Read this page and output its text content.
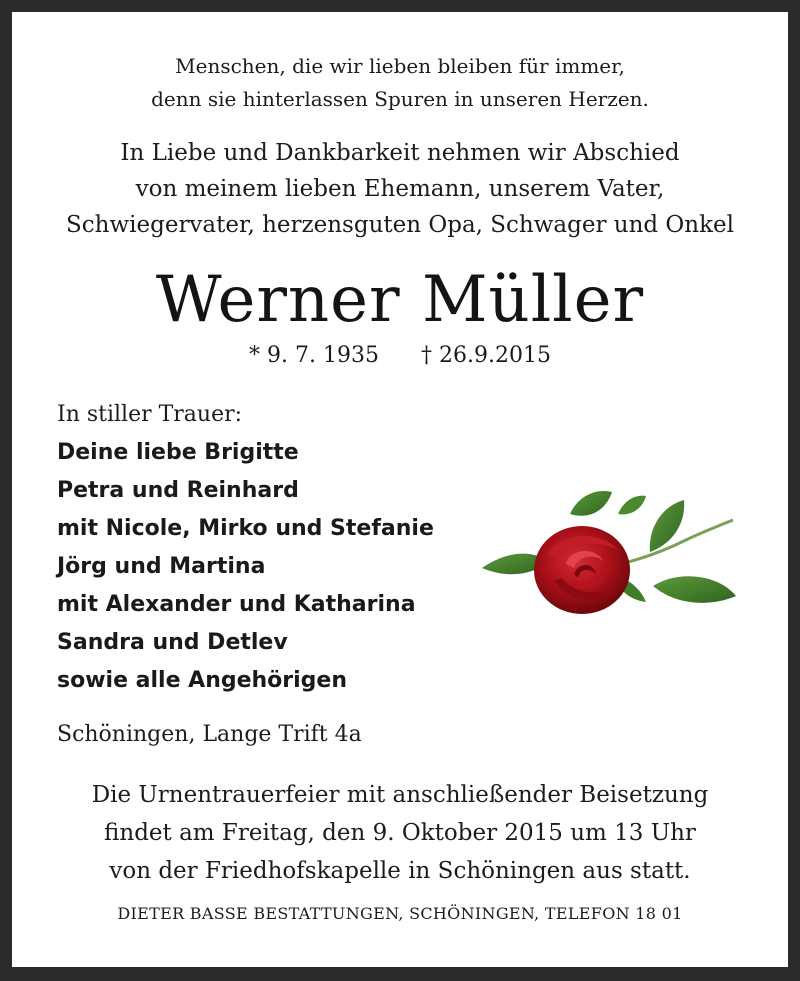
Menschen, die wir lieben bleiben für immer,
denn sie hinterlassen Spuren in unseren Herzen.
In Liebe und Dankbarkeit nehmen wir Abschied
von meinem lieben Ehemann, unserem Vater,
Schwiegervater, herzensguten Opa, Schwager und Onkel
Werner Müller
* 9. 7. 1935 † 26.9.2015
In stiller Trauer:
Deine liebe Brigitte
Petra und Reinhard
mit Nicole, Mirko und Stefanie
Jörg und Martina
mit Alexander und Katharina
Sandra und Detlev
sowie alle Angehörigen
Schöningen, Lange Trift 4a
Die Urnentrauerfeier mit anschließender Beisetzung
findet am Freitag, den 9. Oktober 2015 um 13 Uhr
von der Friedhofskapelle in Schöningen aus statt.
DIETER BASSE BESTATTUNGEN, SCHÖNINGEN, TELEFON 18 01
